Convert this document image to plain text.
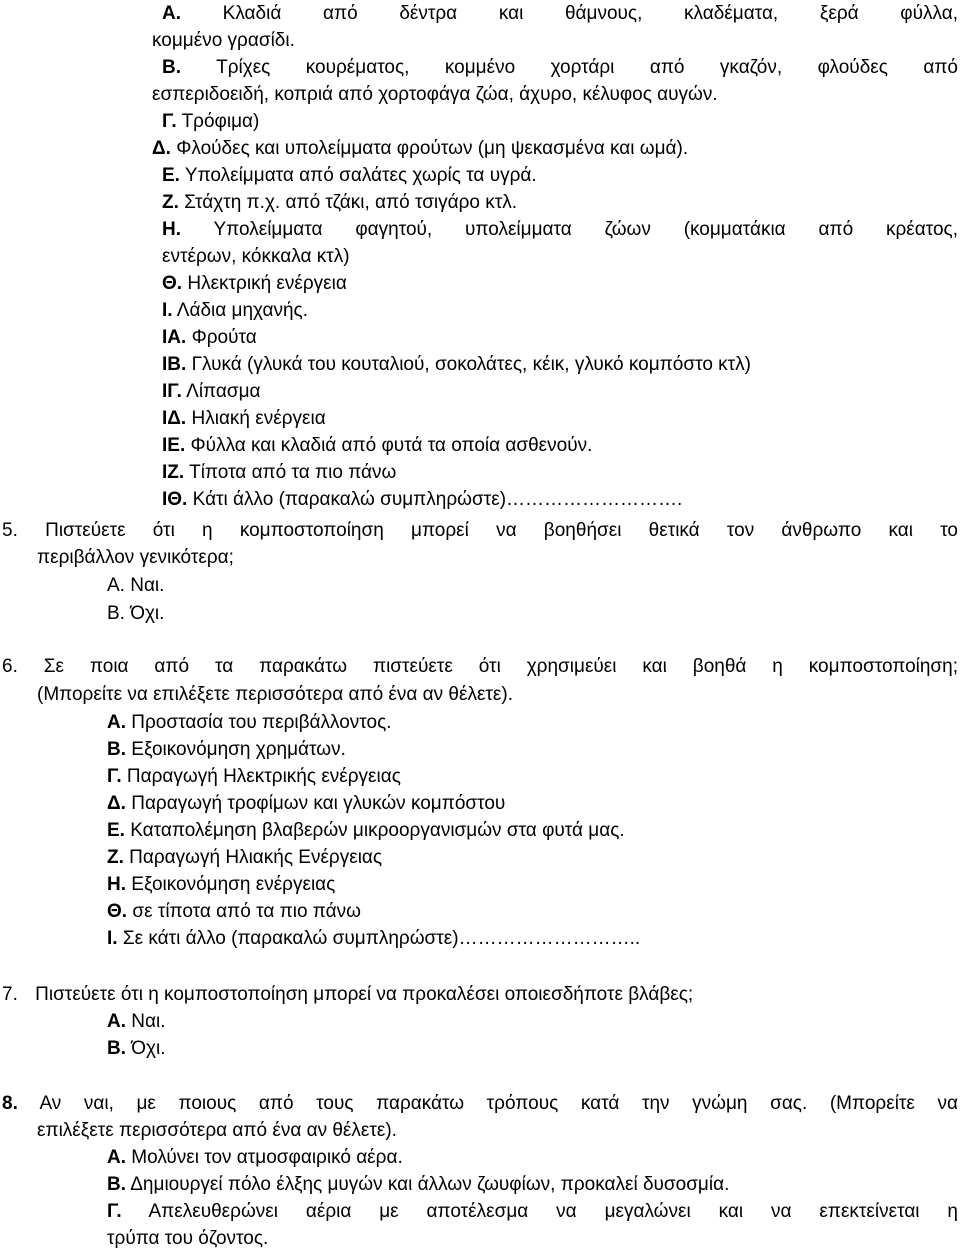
Α. Κλαδιά από δέντρα και θάμνους, κλαδέματα, ξερά φύλλα,
κομμένο γρασίδι.
Β. Τρίχες κουρέματος, κομμένο χορτάρι από γκαζόν, φλούδες από
εσπεριδοειδή, κοπριά από χορτοφάγα ζώα, άχυρο, κέλυφος αυγών.
Γ. Τρόφιμα)
Δ. Φλούδες και υπολείμματα φρούτων (μη ψεκασμένα και ωμά).
Ε. Υπολείμματα από σαλάτες χωρίς τα υγρά.
Ζ. Στάχτη π.χ. από τζάκι, από τσιγάρο κτλ.
Η. Υπολείμματα φαγητού, υπολείμματα ζώων (κομματάκια από κρέατος,
εντέρων, κόκκαλα κτλ)
Θ. Ηλεκτρική ενέργεια
Ι. Λάδια μηχανής.
ΙΑ. Φρούτα
ΙΒ. Γλυκά (γλυκά του κουταλιού, σοκολάτες, κέικ, γλυκό κομπόστο κτλ)
ΙΓ. Λίπασμα
ΙΔ. Ηλιακή ενέργεια
ΙΕ. Φύλλα και κλαδιά από φυτά τα οποία ασθενούν.
ΙΖ. Τίποτα από τα πιο πάνω
ΙΘ. Κάτι άλλο (παρακαλώ συμπληρώστε)……………………….
5. Πιστεύετε ότι η κομποστοποίηση μπορεί να βοηθήσει θετικά τον άνθρωπο και το
περιβάλλον γενικότερα;
Α. Ναι.
Β. Όχι.
6. Σε ποια από τα παρακάτω πιστεύετε ότι χρησιμεύει και βοηθά η κομποστοποίηση;
(Μπορείτε να επιλέξετε περισσότερα από ένα αν θέλετε).
Α. Προστασία του περιβάλλοντος.
Β. Εξοικονόμηση χρημάτων.
Γ. Παραγωγή Ηλεκτρικής ενέργειας
Δ. Παραγωγή τροφίμων και γλυκών κομπόστου
Ε. Καταπολέμηση βλαβερών μικροοργανισμών στα φυτά μας.
Ζ. Παραγωγή Ηλιακής Ενέργειας
Η. Εξοικονόμηση ενέργειας
Θ. σε τίποτα από τα πιο πάνω
Ι. Σε κάτι άλλο (παρακαλώ συμπληρώστε)………………………..
7. Πιστεύετε ότι η κομποστοποίηση μπορεί να προκαλέσει οποιεσδήποτε βλάβες;
Α. Ναι.
Β. Όχι.
8. Αν ναι, με ποιους από τους παρακάτω τρόπους κατά την γνώμη σας. (Μπορείτε να
επιλέξετε περισσότερα από ένα αν θέλετε).
Α. Μολύνει τον ατμοσφαιρικό αέρα.
Β. Δημιουργεί πόλο έλξης μυγών και άλλων ζωυφίων, προκαλεί δυσοσμία.
Γ. Απελευθερώνει αέρια με αποτέλεσμα να μεγαλώνει και να επεκτείνεται η
τρύπα του όζοντος.
